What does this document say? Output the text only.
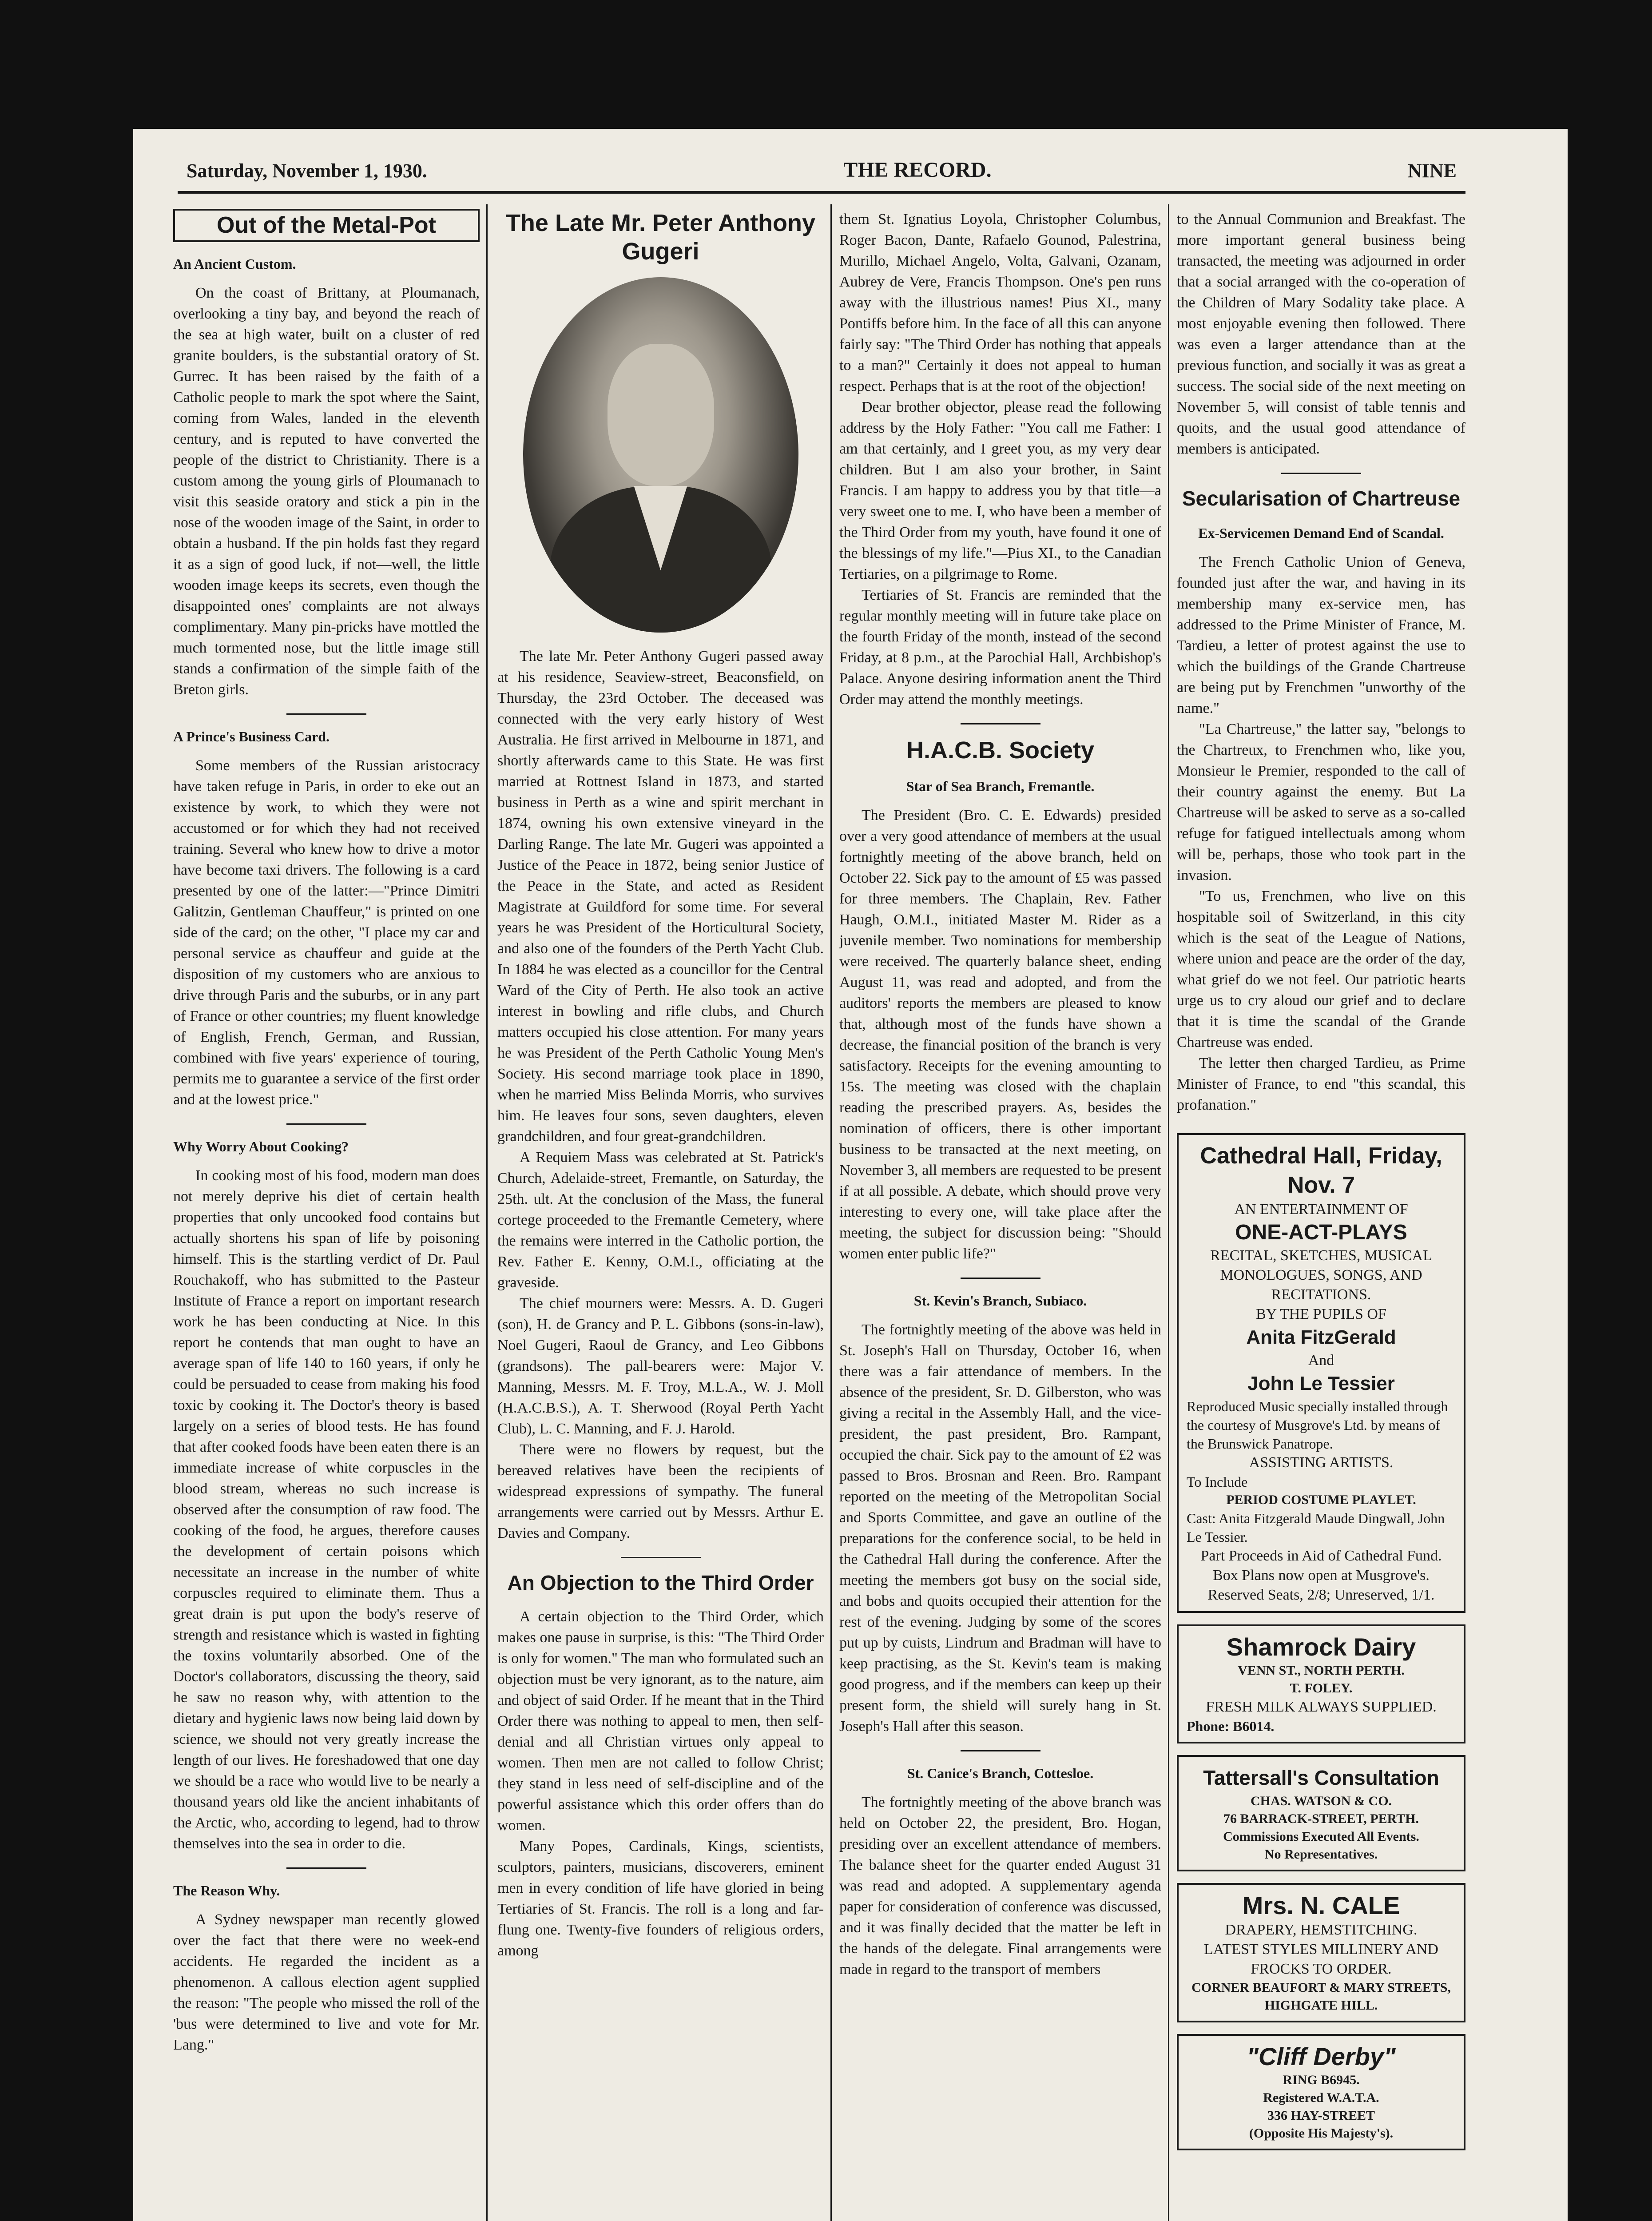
Saturday, November 1, 1930.	THE RECORD.	NINE
Out of the Metal-Pot
An Ancient Custom.

On the coast of Brittany, at Ploumanach, overlooking a tiny bay, and beyond the reach of the sea at high water, built on a cluster of red granite boulders, is the substantial oratory of St. Gurrec. It has been raised by the faith of a Catholic people to mark the spot where the Saint, coming from Wales, landed in the eleventh century, and is reputed to have converted the people of the district to Christianity. There is a custom among the young girls of Ploumanach to visit this seaside oratory and stick a pin in the nose of the wooden image of the Saint, in order to obtain a husband. If the pin holds fast they regard it as a sign of good luck, if not—well, the little wooden image keeps its secrets, even though the disappointed ones' complaints are not always complimentary. Many pin-pricks have mottled the much tormented nose, but the little image still stands a confirmation of the simple faith of the Breton girls.

A Prince's Business Card.

Some members of the Russian aristocracy have taken refuge in Paris, in order to eke out an existence by work, to which they were not accustomed or for which they had not received training. Several who knew how to drive a motor have become taxi drivers. The following is a card presented by one of the latter:—"Prince Dimitri Galitzin, Gentleman Chauffeur," is printed on one side of the card; on the other, "I place my car and personal service as chauffeur and guide at the disposition of my customers who are anxious to drive through Paris and the suburbs, or in any part of France or other countries; my fluent knowledge of English, French, German, and Russian, combined with five years' experience of touring, permits me to guarantee a service of the first order and at the lowest price."

Why Worry About Cooking?

In cooking most of his food, modern man does not merely deprive his diet of certain health properties that only uncooked food contains but actually shortens his span of life by poisoning himself. This is the startling verdict of Dr. Paul Rouchakoff, who has submitted to the Pasteur Institute of France a report on important research work he has been conducting at Nice. In this report he contends that man ought to have an average span of life 140 to 160 years, if only he could be persuaded to cease from making his food toxic by cooking it. The Doctor's theory is based largely on a series of blood tests. He has found that after cooked foods have been eaten there is an immediate increase of white corpuscles in the blood stream, whereas no such increase is observed after the consumption of raw food. The cooking of the food, he argues, therefore causes the development of certain poisons which necessitate an increase in the number of white corpuscles required to eliminate them. Thus a great drain is put upon the body's reserve of strength and resistance which is wasted in fighting the toxins voluntarily absorbed. One of the Doctor's collaborators, discussing the theory, said he saw no reason why, with attention to the dietary and hygienic laws now being laid down by science, we should not very greatly increase the length of our lives. He foreshadowed that one day we should be a race who would live to be nearly a thousand years old like the ancient inhabitants of the Arctic, who, according to legend, had to throw themselves into the sea in order to die.

The Reason Why.

A Sydney newspaper man recently glowed over the fact that there were no week-end accidents. He regarded the incident as a phenomenon. A callous election agent supplied the reason: "The people who missed the roll of the 'bus were determined to live and vote for Mr. Lang."

The Late Mr. Peter Anthony Gugeri

The late Mr. Peter Anthony Gugeri passed away at his residence, Seaview-street, Beaconsfield, on Thursday, the 23rd October. The deceased was connected with the very early history of West Australia. He first arrived in Melbourne in 1871, and shortly afterwards came to this State. He was first married at Rottnest Island in 1873, and started business in Perth as a wine and spirit merchant in 1874, owning his own extensive vineyard in the Darling Range. The late Mr. Gugeri was appointed a Justice of the Peace in 1872, being senior Justice of the Peace in the State, and acted as Resident Magistrate at Guildford for some time. For several years he was President of the Horticultural Society, and also one of the founders of the Perth Yacht Club. In 1884 he was elected as a councillor for the Central Ward of the City of Perth. He also took an active interest in bowling and rifle clubs, and Church matters occupied his close attention. For many years he was President of the Perth Catholic Young Men's Society. His second marriage took place in 1890, when he married Miss Belinda Morris, who survives him. He leaves four sons, seven daughters, eleven grandchildren, and four great-grandchildren.

A Requiem Mass was celebrated at St. Patrick's Church, Adelaide-street, Fremantle, on Saturday, the 25th. ult. At the conclusion of the Mass, the funeral cortege proceeded to the Fremantle Cemetery, where the remains were interred in the Catholic portion, the Rev. Father E. Kenny, O.M.I., officiating at the graveside.

The chief mourners were: Messrs. A. D. Gugeri (son), H. de Grancy and P. L. Gibbons (sons-in-law), Noel Gugeri, Raoul de Grancy, and Leo Gibbons (grandsons). The pall-bearers were: Major V. Manning, Messrs. M. F. Troy, M.L.A., W. J. Moll (H.A.C.B.S.), A. T. Sherwood (Royal Perth Yacht Club), L. C. Manning, and F. J. Harold.

There were no flowers by request, but the bereaved relatives have been the recipients of widespread expressions of sympathy. The funeral arrangements were carried out by Messrs. Arthur E. Davies and Company.

An Objection to the Third Order

A certain objection to the Third Order, which makes one pause in surprise, is this: "The Third Order is only for women." The man who formulated such an objection must be very ignorant, as to the nature, aim and object of said Order. If he meant that in the Third Order there was nothing to appeal to men, then self-denial and all Christian virtues only appeal to women. Then men are not called to follow Christ; they stand in less need of self-discipline and of the powerful assistance which this order offers than do women.

Many Popes, Cardinals, Kings, scientists, sculptors, painters, musicians, discoverers, eminent men in every condition of life have gloried in being Tertiaries of St. Francis. The roll is a long and far-flung one. Twenty-five founders of religious orders, among

them St. Ignatius Loyola, Christopher Columbus, Roger Bacon, Dante, Rafaelo Gounod, Palestrina, Murillo, Michael Angelo, Volta, Galvani, Ozanam, Aubrey de Vere, Francis Thompson. One's pen runs away with the illustrious names! Pius XI., many Pontiffs before him. In the face of all this can anyone fairly say: "The Third Order has nothing that appeals to a man?" Certainly it does not appeal to human respect. Perhaps that is at the root of the objection!

Dear brother objector, please read the following address by the Holy Father: "You call me Father: I am that certainly, and I greet you, as my very dear children. But I am also your brother, in Saint Francis. I am happy to address you by that title—a very sweet one to me. I, who have been a member of the Third Order from my youth, have found it one of the blessings of my life."—Pius XI., to the Canadian Tertiaries, on a pilgrimage to Rome.

Tertiaries of St. Francis are reminded that the regular monthly meeting will in future take place on the fourth Friday of the month, instead of the second Friday, at 8 p.m., at the Parochial Hall, Archbishop's Palace. Anyone desiring information anent the Third Order may attend the monthly meetings.

H.A.C.B. Society
Star of Sea Branch, Fremantle.

The President (Bro. C. E. Edwards) presided over a very good attendance of members at the usual fortnightly meeting of the above branch, held on October 22. Sick pay to the amount of £5 was passed for three members. The Chaplain, Rev. Father Haugh, O.M.I., initiated Master M. Rider as a juvenile member. Two nominations for membership were received. The quarterly balance sheet, ending August 11, was read and adopted, and from the auditors' reports the members are pleased to know that, although most of the funds have shown a decrease, the financial position of the branch is very satisfactory. Receipts for the evening amounting to 15s. The meeting was closed with the chaplain reading the prescribed prayers. As, besides the nomination of officers, there is other important business to be transacted at the next meeting, on November 3, all members are requested to be present if at all possible. A debate, which should prove very interesting to every one, will take place after the meeting, the subject for discussion being: "Should women enter public life?"

St. Kevin's Branch, Subiaco.

The fortnightly meeting of the above was held in St. Joseph's Hall on Thursday, October 16, when there was a fair attendance of members. In the absence of the president, Sr. D. Gilberston, who was giving a recital in the Assembly Hall, and the vice-president, the past president, Bro. Rampant, occupied the chair. Sick pay to the amount of £2 was passed to Bros. Brosnan and Reen. Bro. Rampant reported on the meeting of the Metropolitan Social and Sports Committee, and gave an outline of the preparations for the conference social, to be held in the Cathedral Hall during the conference. After the meeting the members got busy on the social side, and bobs and quoits occupied their attention for the rest of the evening. Judging by some of the scores put up by cuists, Lindrum and Bradman will have to keep practising, as the St. Kevin's team is making good progress, and if the members can keep up their present form, the shield will surely hang in St. Joseph's Hall after this season.

St. Canice's Branch, Cottesloe.

The fortnightly meeting of the above branch was held on October 22, the president, Bro. Hogan, presiding over an excellent attendance of members. The balance sheet for the quarter ended August 31 was read and adopted. A supplementary agenda paper for consideration of conference was discussed, and it was finally decided that the matter be left in the hands of the delegate. Final arrangements were made in regard to the transport of members

to the Annual Communion and Breakfast. The more important general business being transacted, the meeting was adjourned in order that a social arranged with the co-operation of the Children of Mary Sodality take place. A most enjoyable evening then followed. There was even a larger attendance than at the previous function, and socially it was as great a success. The social side of the next meeting on November 5, will consist of table tennis and quoits, and the usual good attendance of members is anticipated.

Secularisation of Chartreuse
Ex-Servicemen Demand End of Scandal.

The French Catholic Union of Geneva, founded just after the war, and having in its membership many ex-service men, has addressed to the Prime Minister of France, M. Tardieu, a letter of protest against the use to which the buildings of the Grande Chartreuse are being put by Frenchmen "unworthy of the name."

"La Chartreuse," the latter say, "belongs to the Chartreux, to Frenchmen who, like you, Monsieur le Premier, responded to the call of their country against the enemy. But La Chartreuse will be asked to serve as a so-called refuge for fatigued intellectuals among whom will be, perhaps, those who took part in the invasion.

"To us, Frenchmen, who live on this hospitable soil of Switzerland, in this city which is the seat of the League of Nations, where union and peace are the order of the day, what grief do we not feel. Our patriotic hearts urge us to cry aloud our grief and to declare that it is time the scandal of the Grande Chartreuse was ended.

The letter then charged Tardieu, as Prime Minister of France, to end "this scandal, this profanation."

Cathedral Hall, Friday, Nov. 7
AN ENTERTAINMENT OF
ONE-ACT-PLAYS
RECITAL, SKETCHES, MUSICAL MONOLOGUES, SONGS, AND RECITATIONS.
BY THE PUPILS OF
Anita FitzGerald
And
John Le Tessier
Reproduced Music specially installed through the courtesy of Musgrove's Ltd. by means of the Brunswick Panatrope.
ASSISTING ARTISTS.
To Include
PERIOD COSTUME PLAYLET.
Cast: Anita Fitzgerald Maude Dingwall, John Le Tessier.
Part Proceeds in Aid of Cathedral Fund.
Box Plans now open at Musgrove's. Reserved Seats, 2/8; Unreserved, 1/1.
Shamrock Dairy
VENN ST., NORTH PERTH.
T. FOLEY.
FRESH MILK ALWAYS SUPPLIED.
Phone: B6014.
Tattersall's Consultation
CHAS. WATSON & CO.
76 BARRACK-STREET, PERTH.
Commissions Executed All Events.
No Representatives.
Mrs. N. CALE
DRAPERY, HEMSTITCHING.
LATEST STYLES MILLINERY AND FROCKS TO ORDER.
CORNER BEAUFORT & MARY STREETS,
HIGHGATE HILL.
"Cliff Derby"
RING B6945.
Registered W.A.T.A.
336 HAY-STREET
(Opposite His Majesty's).
